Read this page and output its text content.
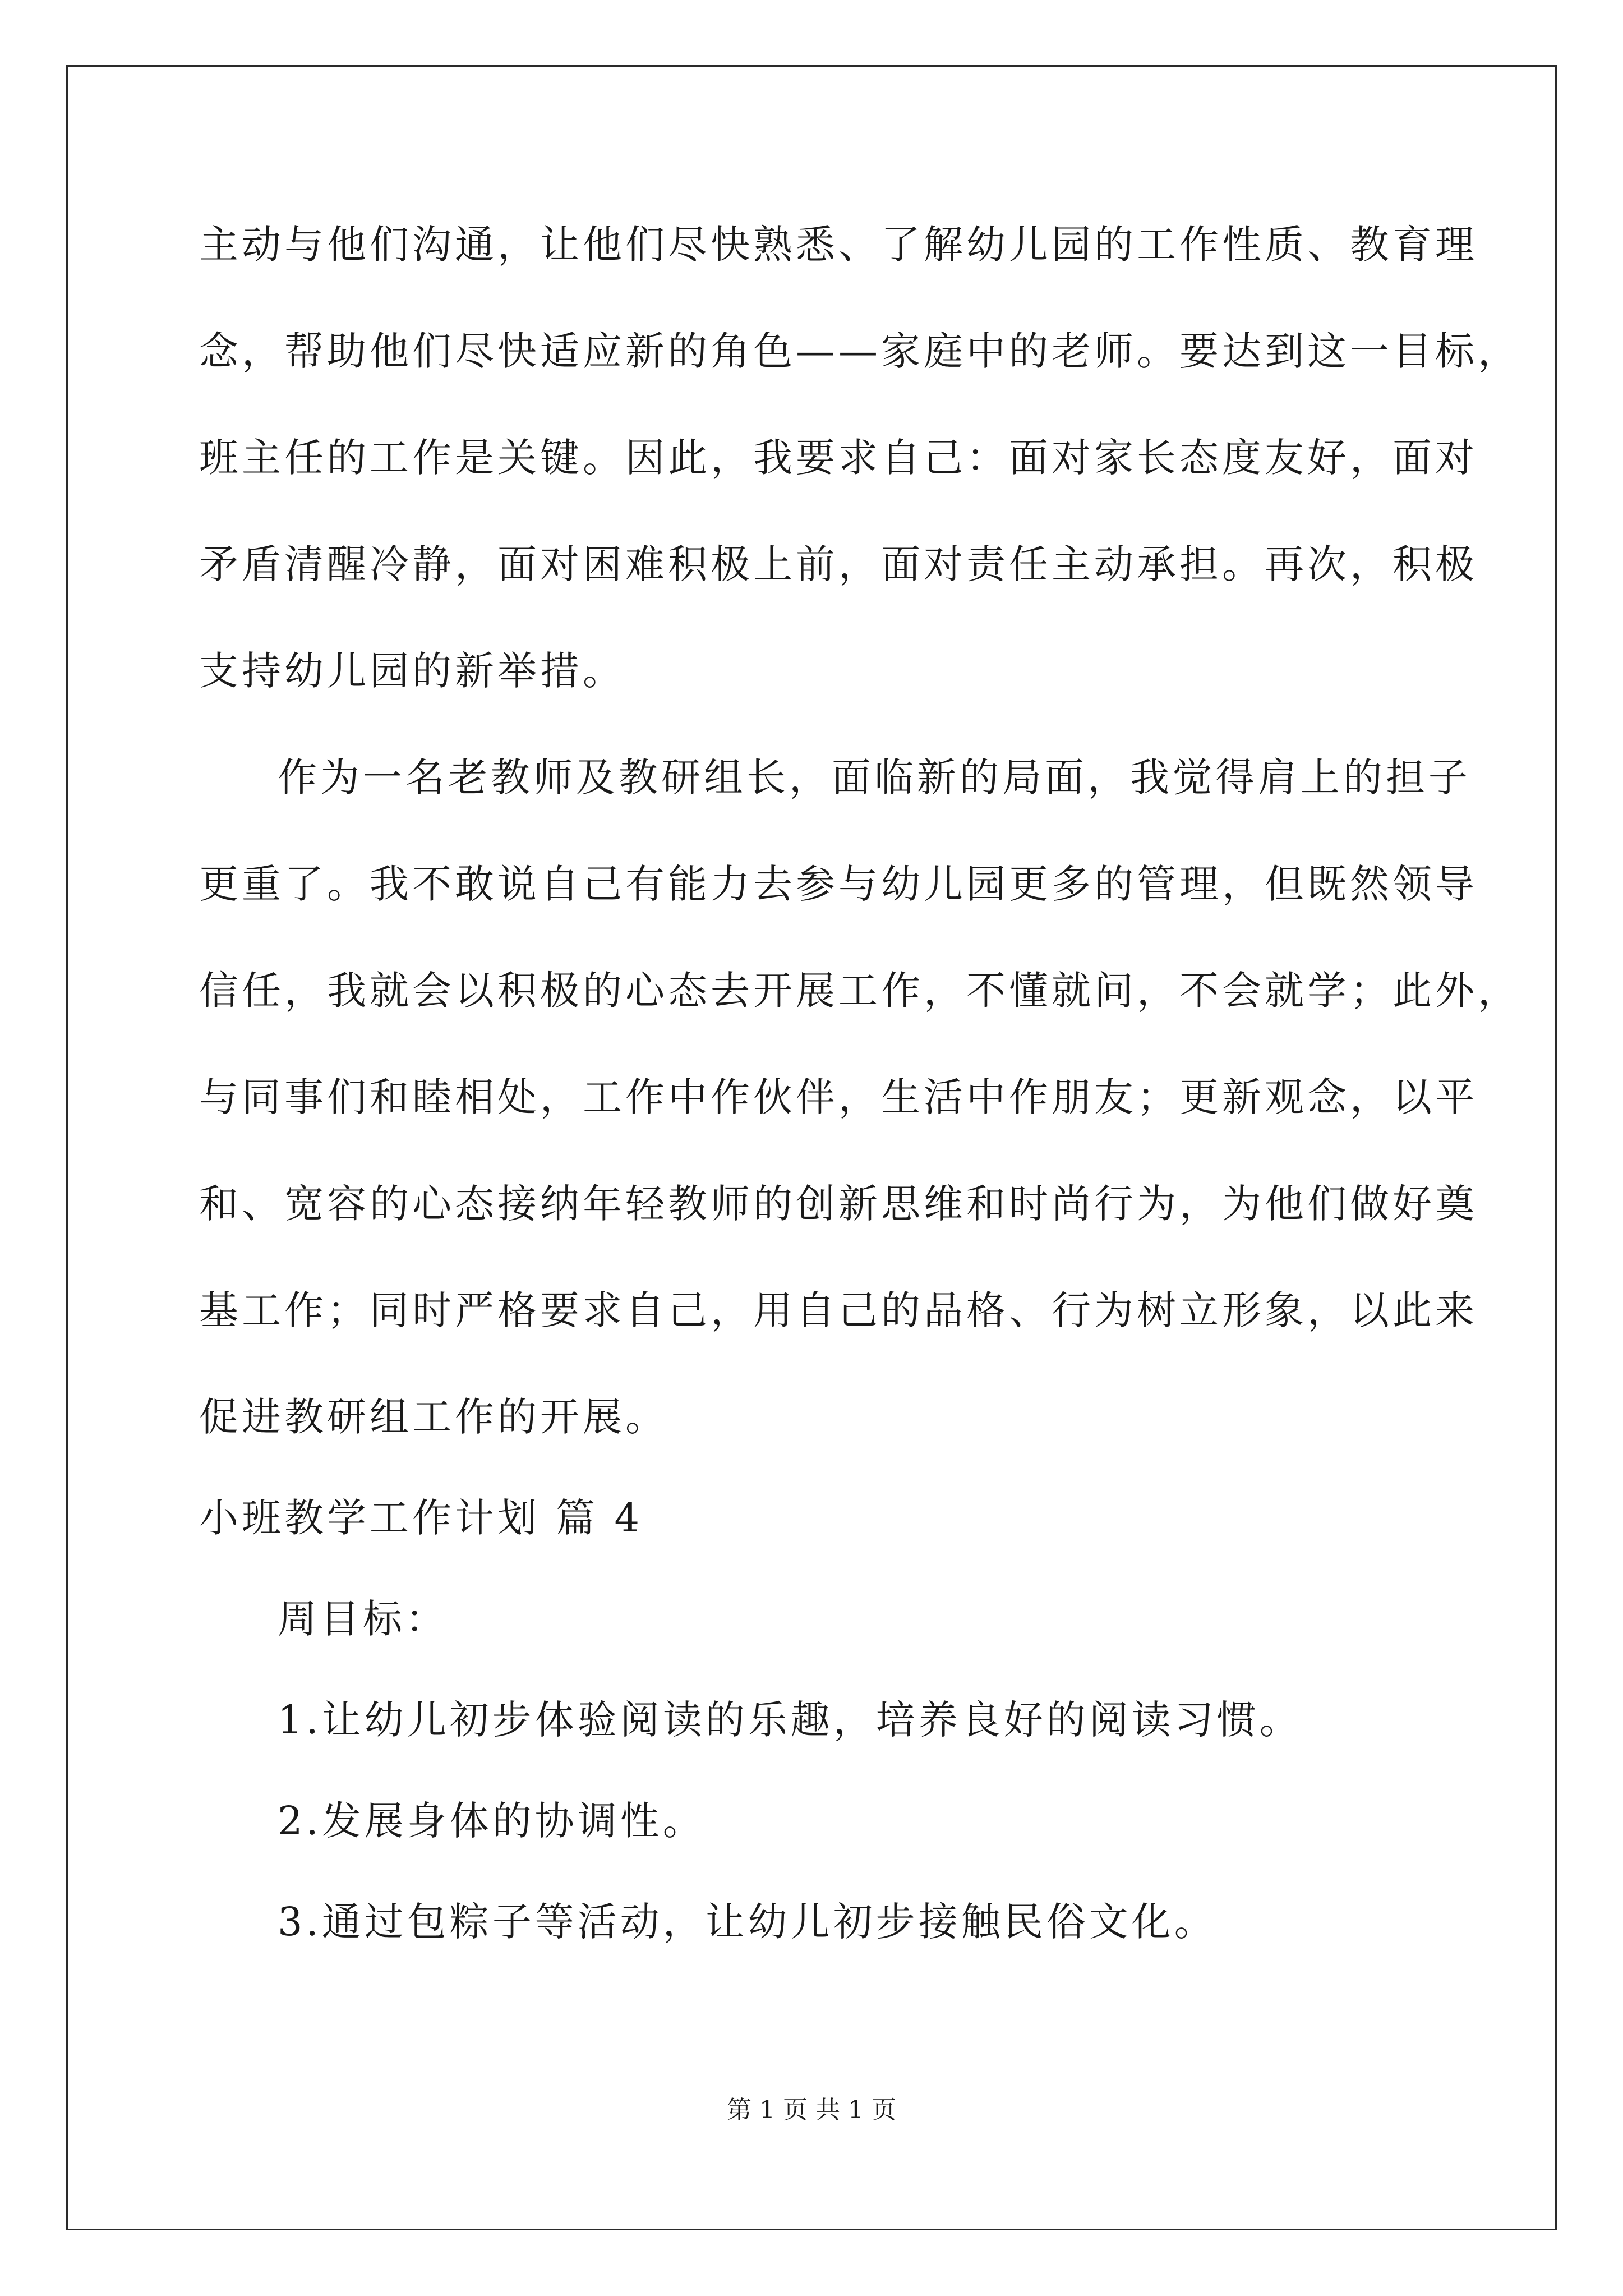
主动与他们沟通，让他们尽快熟悉、了解幼儿园的工作性质、教育理
念，帮助他们尽快适应新的角色——家庭中的老师。要达到这一目标，
班主任的工作是关键。因此，我要求自己：面对家长态度友好，面对
矛盾清醒冷静，面对困难积极上前，面对责任主动承担。再次，积极
支持幼儿园的新举措。
作为一名老教师及教研组长，面临新的局面，我觉得肩上的担子
更重了。我不敢说自己有能力去参与幼儿园更多的管理，但既然领导
信任，我就会以积极的心态去开展工作，不懂就问，不会就学；此外，
与同事们和睦相处，工作中作伙伴，生活中作朋友；更新观念，以平
和、宽容的心态接纳年轻教师的创新思维和时尚行为，为他们做好奠
基工作；同时严格要求自己，用自己的品格、行为树立形象，以此来
促进教研组工作的开展。
小班教学工作计划 篇 4
周目标：
1.让幼儿初步体验阅读的乐趣，培养良好的阅读习惯。
2.发展身体的协调性。
3.通过包粽子等活动，让幼儿初步接触民俗文化。
第 1 页 共 1 页
